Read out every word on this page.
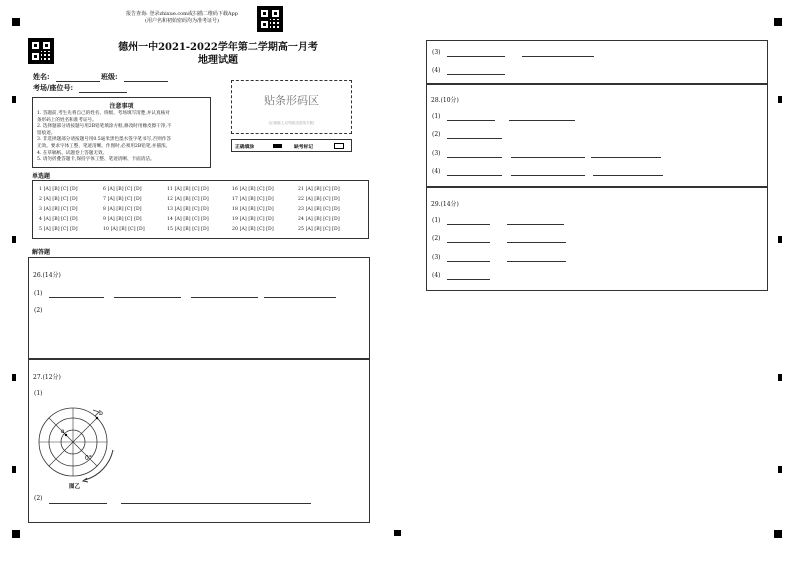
报告查询: 登录zhixue.com或扫描二维码下载App
(用户名和初始密码均为准考证号)
德州一中2021-2022学年第二学期高一月考
地理试题
姓名:	班级:
考场/座位号:
注意事项

1. 答题前,考生先将自己的姓名、班级、考场填写清楚,并认真核对

条形码上的姓名和准考证号。

2. 选择题部分请按题号用2B铅笔填涂方框,修改时用橡皮擦干净,不

留痕迹。

3. 非选择题部分请按题号用0.5毫米黑色墨水签字笔书写,否则作答

无效。要求字体工整、笔迹清晰。作图时,必须用2B铅笔,并描浓。

4. 在草稿纸、试题卷上答题无效。

5. 请勿折叠答题卡,保持字体工整、笔迹清晰、卡面清洁。

贴条形码区
(正面朝上,切勿贴出虚线方框)
正确填涂	缺考标记
单选题
1 [A] [B] [C] [D]
2 [A] [B] [C] [D]
3 [A] [B] [C] [D]
4 [A] [B] [C] [D]
5 [A] [B] [C] [D]
6 [A] [B] [C] [D]
7 [A] [B] [C] [D]
8 [A] [B] [C] [D]
9 [A] [B] [C] [D]
10 [A] [B] [C] [D]
11 [A] [B] [C] [D]
12 [A] [B] [C] [D]
13 [A] [B] [C] [D]
14 [A] [B] [C] [D]
15 [A] [B] [C] [D]
16 [A] [B] [C] [D]
17 [A] [B] [C] [D]
18 [A] [B] [C] [D]
19 [A] [B] [C] [D]
20 [A] [B] [C] [D]
21 [A] [B] [C] [D]
22 [A] [B] [C] [D]
23 [A] [B] [C] [D]
24 [A] [B] [C] [D]
25 [A] [B] [C] [D]
解答题
26.(14分)
(1)
(2)
27.(12分)
(1)
a
b
0°
图乙
(2)
(3)
(4)
28.(10分)
(1)
(2)
(3)
(4)
29.(14分)
(1)
(2)
(3)
(4)
